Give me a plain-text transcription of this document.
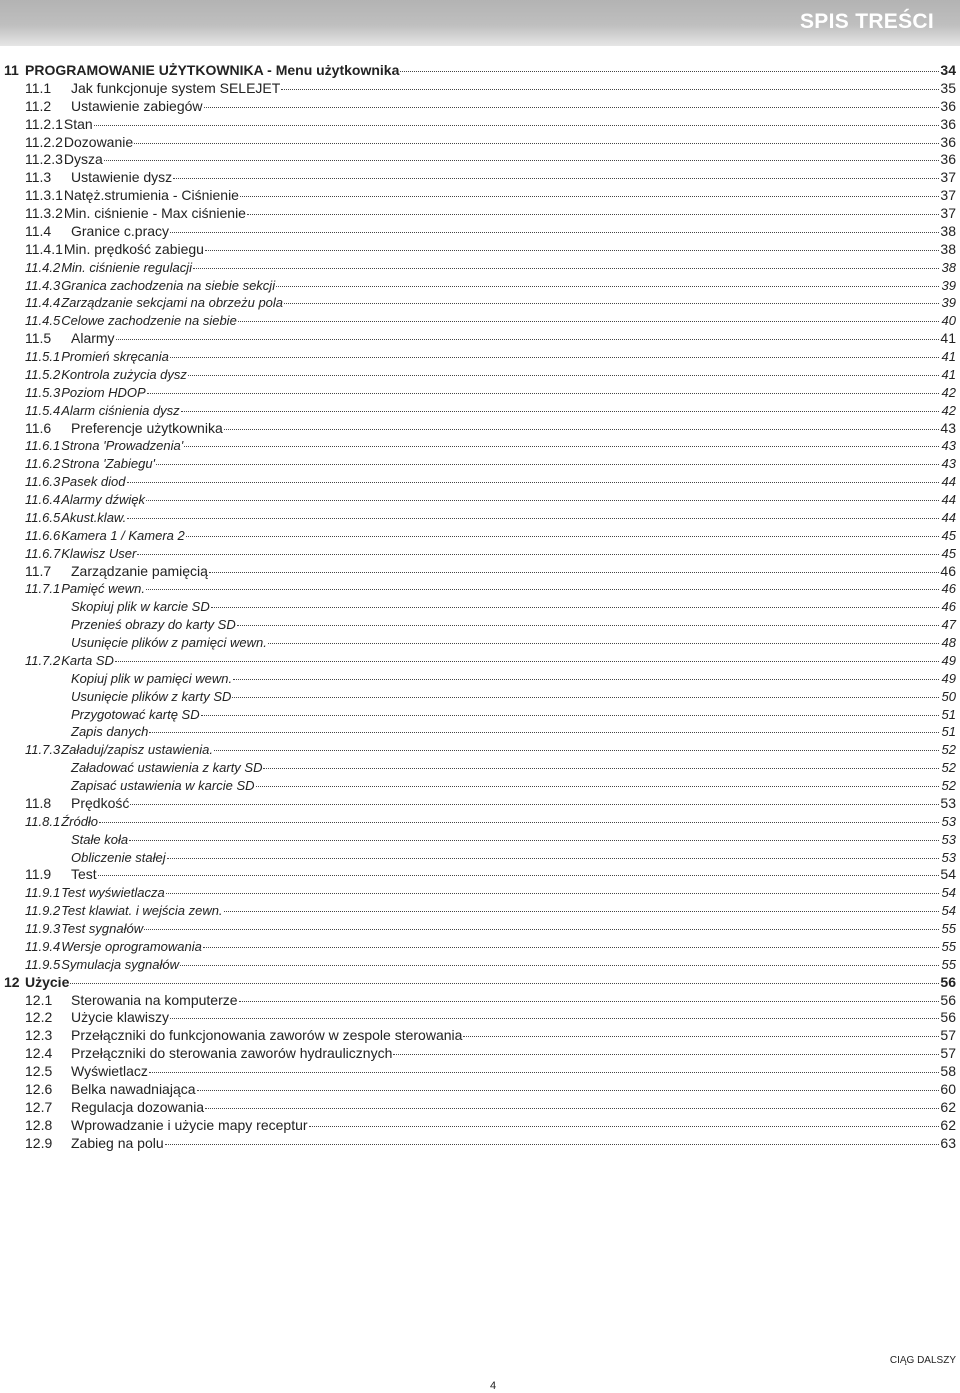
SPIS TREŚCI
11 PROGRAMOWANIE UŻYTKOWNIKA - Menu użytkownika	34
11.1	Jak funkcjonuje system SELEJET	35
11.2	Ustawienie zabiegów	36
11.2.1 Stan	36
11.2.2 Dozowanie	36
11.2.3 Dysza	36
11.3	Ustawienie dysz	37
11.3.1 Natęż.strumienia - Ciśnienie	37
11.3.2 Min. ciśnienie - Max ciśnienie	37
11.4	Granice c.pracy	38
11.4.1 Min. prędkość zabiegu	38
11.4.2 Min. ciśnienie regulacji	38
11.4.3 Granica zachodzenia na siebie sekcji	39
11.4.4 Zarządzanie sekcjami na obrzeżu pola	39
11.4.5 Celowe zachodzenie na siebie	40
11.5	Alarmy	41
11.5.1 Promień skręcania	41
11.5.2 Kontrola zużycia dysz	41
11.5.3 Poziom HDOP	42
11.5.4 Alarm ciśnienia dysz	42
11.6	Preferencje użytkownika	43
11.6.1 Strona 'Prowadzenia'	43
11.6.2 Strona 'Zabiegu'	43
11.6.3 Pasek diod	44
11.6.4 Alarmy dźwięk	44
11.6.5 Akust.klaw.	44
11.6.6 Kamera 1 / Kamera 2	45
11.6.7 Klawisz User	45
11.7	Zarządzanie pamięcią	46
11.7.1 Pamięć wewn.	46
Skopiuj plik w karcie SD	46
Przenieś obrazy do karty SD	47
Usunięcie plików z pamięci wewn.	48
11.7.2 Karta SD	49
Kopiuj plik w pamięci wewn.	49
Usunięcie plików z karty SD	50
Przygotować kartę SD	51
Zapis danych	51
11.7.3 Załaduj/zapisz ustawienia.	52
Załadować ustawienia z karty SD	52
Zapisać ustawienia w karcie SD	52
11.8	Prędkość	53
11.8.1 Źródło	53
Stałe koła	53
Obliczenie stałej	53
11.9	Test	54
11.9.1 Test wyświetlacza	54
11.9.2 Test klawiat. i wejścia zewn.	54
11.9.3 Test sygnałów	55
11.9.4 Wersje oprogramowania	55
11.9.5 Symulacja sygnałów	55
12 Użycie	56
12.1	Sterowania na komputerze	56
12.2	Użycie klawiszy	56
12.3	Przełączniki do funkcjonowania zaworów w zespole sterowania	57
12.4	Przełączniki do sterowania zaworów hydraulicznych	57
12.5	Wyświetlacz	58
12.6	Belka nawadniająca	60
12.7	Regulacja dozowania	62
12.8	Wprowadzanie i użycie mapy receptur	62
12.9	Zabieg na polu	63
CIĄG DALSZY
4
